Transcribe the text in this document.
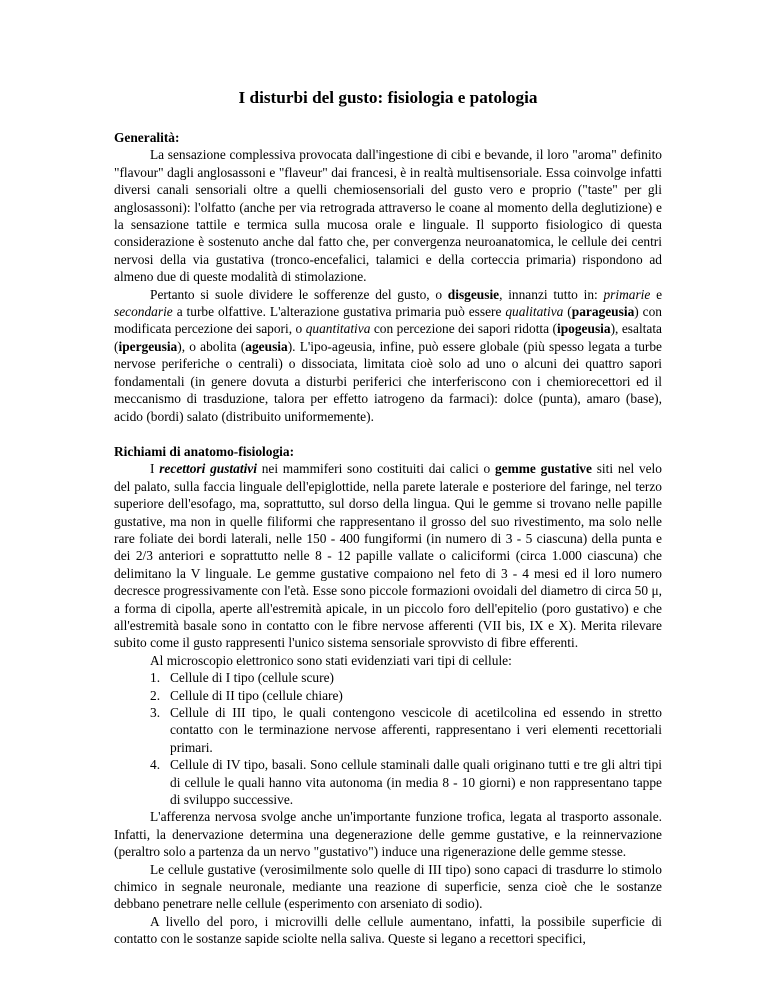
I disturbi del gusto: fisiologia e patologia

Generalità:

La sensazione complessiva provocata dall'ingestione di cibi e bevande, il loro "aroma" definito "flavour" dagli anglosassoni e "flaveur" dai francesi, è in realtà multisensoriale. Essa coinvolge infatti diversi canali sensoriali oltre a quelli chemiosensoriali del gusto vero e proprio ("taste" per gli anglosassoni): l'olfatto (anche per via retrograda attraverso le coane al momento della deglutizione) e la sensazione tattile e termica sulla mucosa orale e linguale. Il supporto fisiologico di questa considerazione è sostenuto anche dal fatto che, per convergenza neuroanatomica, le cellule dei centri nervosi della via gustativa (tronco-encefalici, talamici e della corteccia primaria) rispondono ad almeno due di queste modalità di stimolazione.

Pertanto si suole dividere le sofferenze del gusto, o disgeusie, innanzi tutto in: primarie e secondarie a turbe olfattive. L'alterazione gustativa primaria può essere qualitativa (parageusia) con modificata percezione dei sapori, o quantitativa con percezione dei sapori ridotta (ipogeusia), esaltata (ipergeusia), o abolita (ageusia). L'ipo-ageusia, infine, può essere globale (più spesso legata a turbe nervose periferiche o centrali) o dissociata, limitata cioè solo ad uno o alcuni dei quattro sapori fondamentali (in genere dovuta a disturbi periferici che interferiscono con i chemiorecettori ed il meccanismo di trasduzione, talora per effetto iatrogeno da farmaci): dolce (punta), amaro (base), acido (bordi) salato (distribuito uniformemente).

Richiami di anatomo-fisiologia:

I recettori gustativi nei mammiferi sono costituiti dai calici o gemme gustative siti nel velo del palato, sulla faccia linguale dell'epiglottide, nella parete laterale e posteriore del faringe, nel terzo superiore dell'esofago, ma, soprattutto, sul dorso della lingua. Qui le gemme si trovano nelle papille gustative, ma non in quelle filiformi che rappresentano il grosso del suo rivestimento, ma solo nelle rare foliate dei bordi laterali, nelle 150 - 400 fungiformi (in numero di 3 - 5 ciascuna) della punta e dei 2/3 anteriori e soprattutto nelle 8 - 12 papille vallate o caliciformi (circa 1.000 ciascuna) che delimitano la V linguale. Le gemme gustative compaiono nel feto di 3 - 4 mesi ed il loro numero decresce progressivamente con l'età. Esse sono piccole formazioni ovoidali del diametro di circa 50 μ, a forma di cipolla, aperte all'estremità apicale, in un piccolo foro dell'epitelio (poro gustativo) e che all'estremità basale sono in contatto con le fibre nervose afferenti (VII bis, IX e X). Merita rilevare subito come il gusto rappresenti l'unico sistema sensoriale sprovvisto di fibre efferenti.

Al microscopio elettronico sono stati evidenziati vari tipi di cellule:

1. Cellule di I tipo (cellule scure)
2. Cellule di II tipo (cellule chiare)
3. Cellule di III tipo, le quali contengono vescicole di acetilcolina ed essendo in stretto contatto con le terminazione nervose afferenti, rappresentano i veri elementi recettoriali primari.
4. Cellule di IV tipo, basali. Sono cellule staminali dalle quali originano tutti e tre gli altri tipi di cellule le quali hanno vita autonoma (in media 8 - 10 giorni) e non rappresentano tappe di sviluppo successive.

L'afferenza nervosa svolge anche un'importante funzione trofica, legata al trasporto assonale. Infatti, la denervazione determina una degenerazione delle gemme gustative, e la reinnervazione (peraltro solo a partenza da un nervo "gustativo") induce una rigenerazione delle gemme stesse.

Le cellule gustative (verosimilmente solo quelle di III tipo) sono capaci di trasdurre lo stimolo chimico in segnale neuronale, mediante una reazione di superficie, senza cioè che le sostanze debbano penetrare nelle cellule (esperimento con arseniato di sodio).

A livello del poro, i microvilli delle cellule aumentano, infatti, la possibile superficie di contatto con le sostanze sapide sciolte nella saliva. Queste si legano a recettori specifici,
